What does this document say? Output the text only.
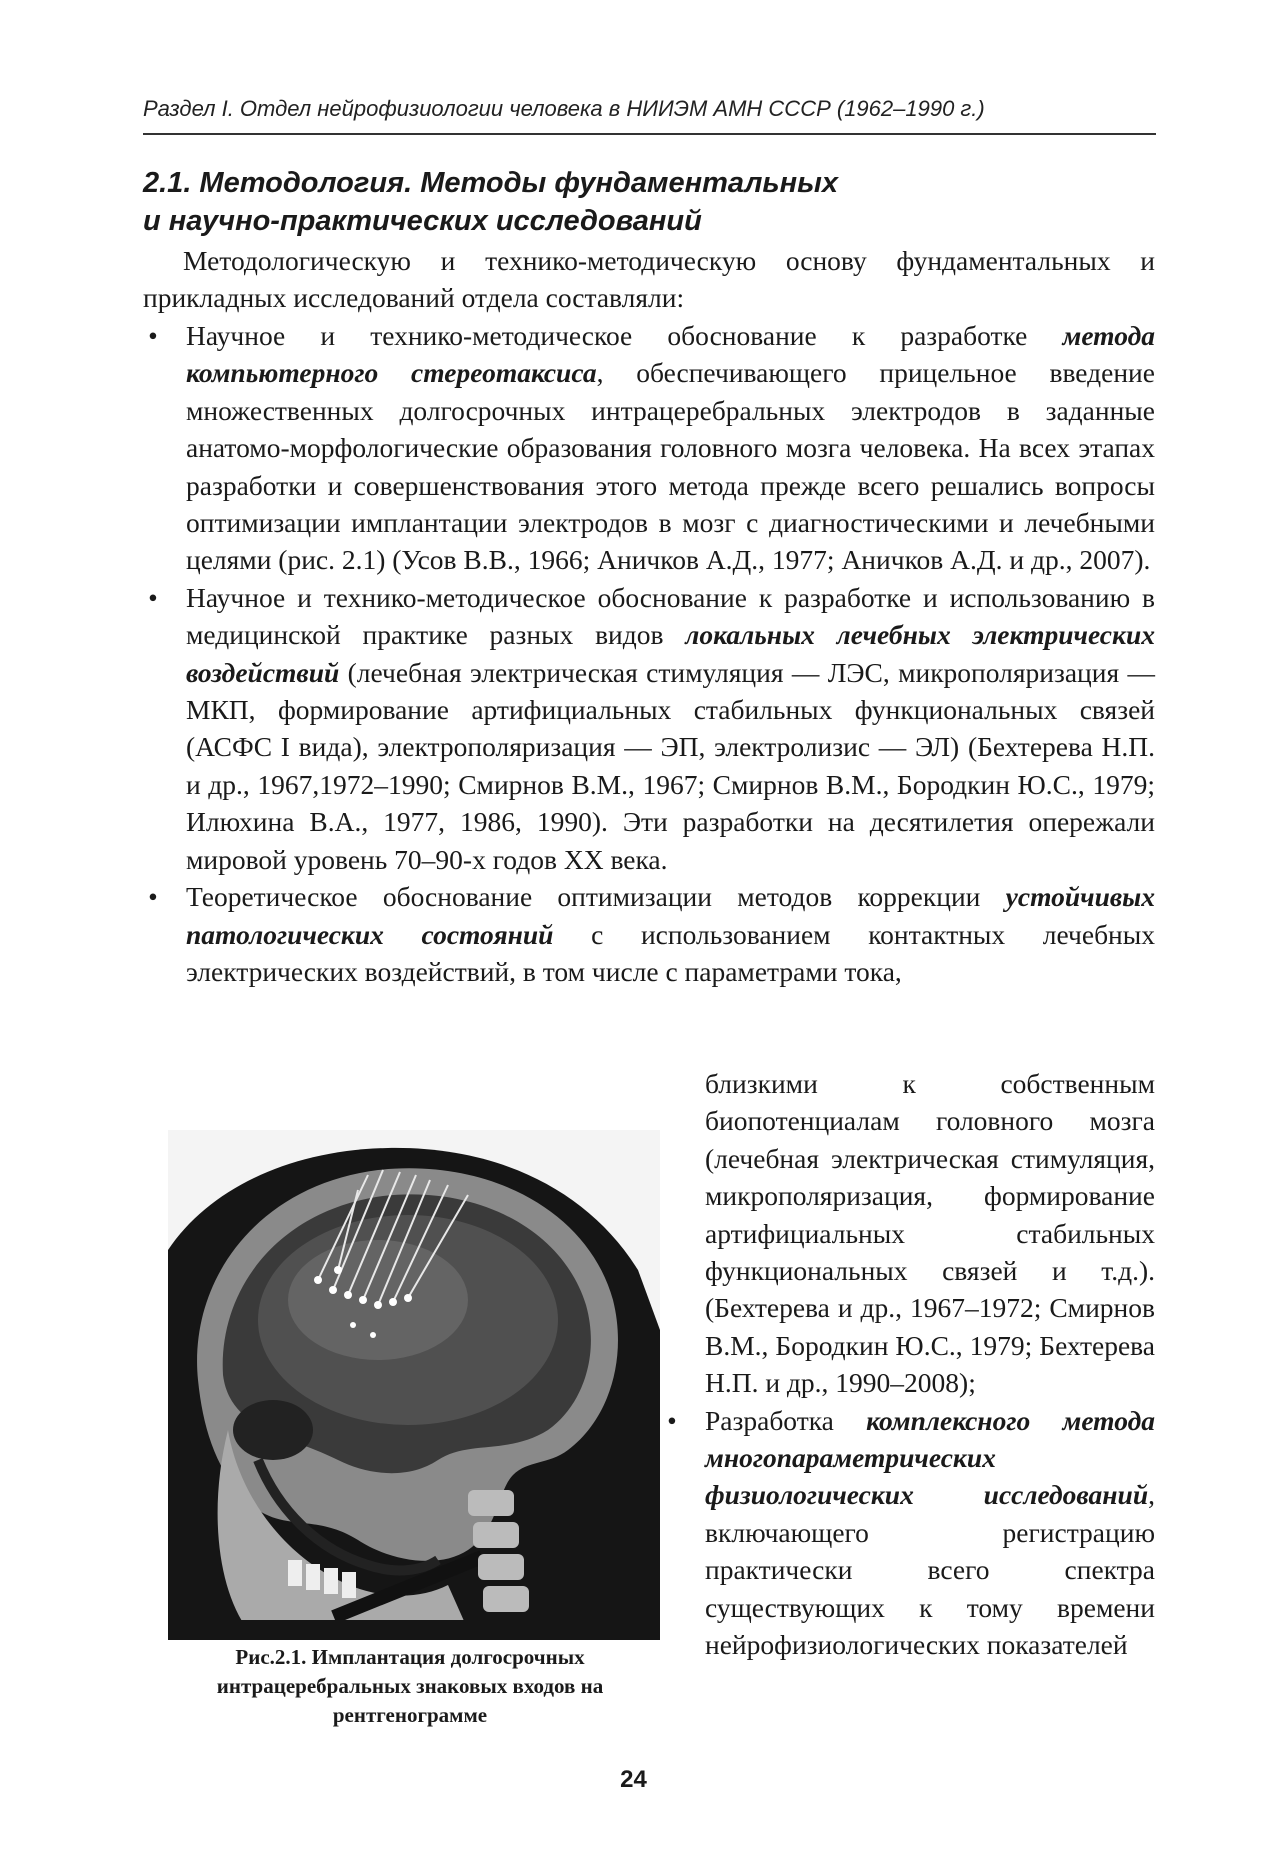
Раздел I. Отдел нейрофизиологии человека в НИИЭМ АМН СССР (1962–1990 г.)
2.1. Методология. Методы фундаментальных
и научно-практических исследований

Методологическую и технико-методическую основу фундаментальных и прикладных исследований отдела составляли:

• Научное и технико-методическое обоснование к разработке метода компьютерного стереотаксиса, обеспечивающего прицельное введение множественных долгосрочных интрацеребральных электродов в заданные анатомо-морфологические образования головного мозга человека. На всех этапах разработки и совершенствования этого метода прежде всего решались вопросы оптимизации имплантации электродов в мозг с диагностическими и лечебными целями (рис. 2.1) (Усов В.В., 1966; Аничков А.Д., 1977; Аничков А.Д. и др., 2007).
• Научное и технико-методическое обоснование к разработке и использованию в медицинской практике разных видов локальных лечебных электрических воздействий (лечебная электрическая стимуляция — ЛЭС, микрополяризация — МКП, формирование артифициальных стабильных функциональных связей (АСФС I вида), электрополяризация — ЭП, электролизис — ЭЛ) (Бехтерева Н.П. и др., 1967,1972–1990; Смирнов В.М., 1967; Смирнов В.М., Бородкин Ю.С., 1979; Илюхина В.А., 1977, 1986, 1990). Эти разработки на десятилетия опережали мировой уровень 70–90-х годов XX века.
• Теоретическое обоснование оптимизации методов коррекции устойчивых патологических состояний с использованием контактных лечебных электрических воздействий, в том числе с параметрами тока,

близкими к собственным биопотенциалам головного мозга (лечебная электрическая стимуляция, микрополяризация, формирование артифициальных стабильных функциональных связей и т.д.). (Бехтерева и др., 1967–1972; Смирнов В.М., Бородкин Ю.С., 1979; Бехтерева Н.П. и др., 1990–2008);

• Разработка комплексного метода многопараметрических физиологических исследований, включающего регистрацию практически всего спектра существующих к тому времени нейрофизиологических показателей

Рис.2.1. Имплантация долгосрочных интрацеребральных знаковых входов на рентгенограмме
24
